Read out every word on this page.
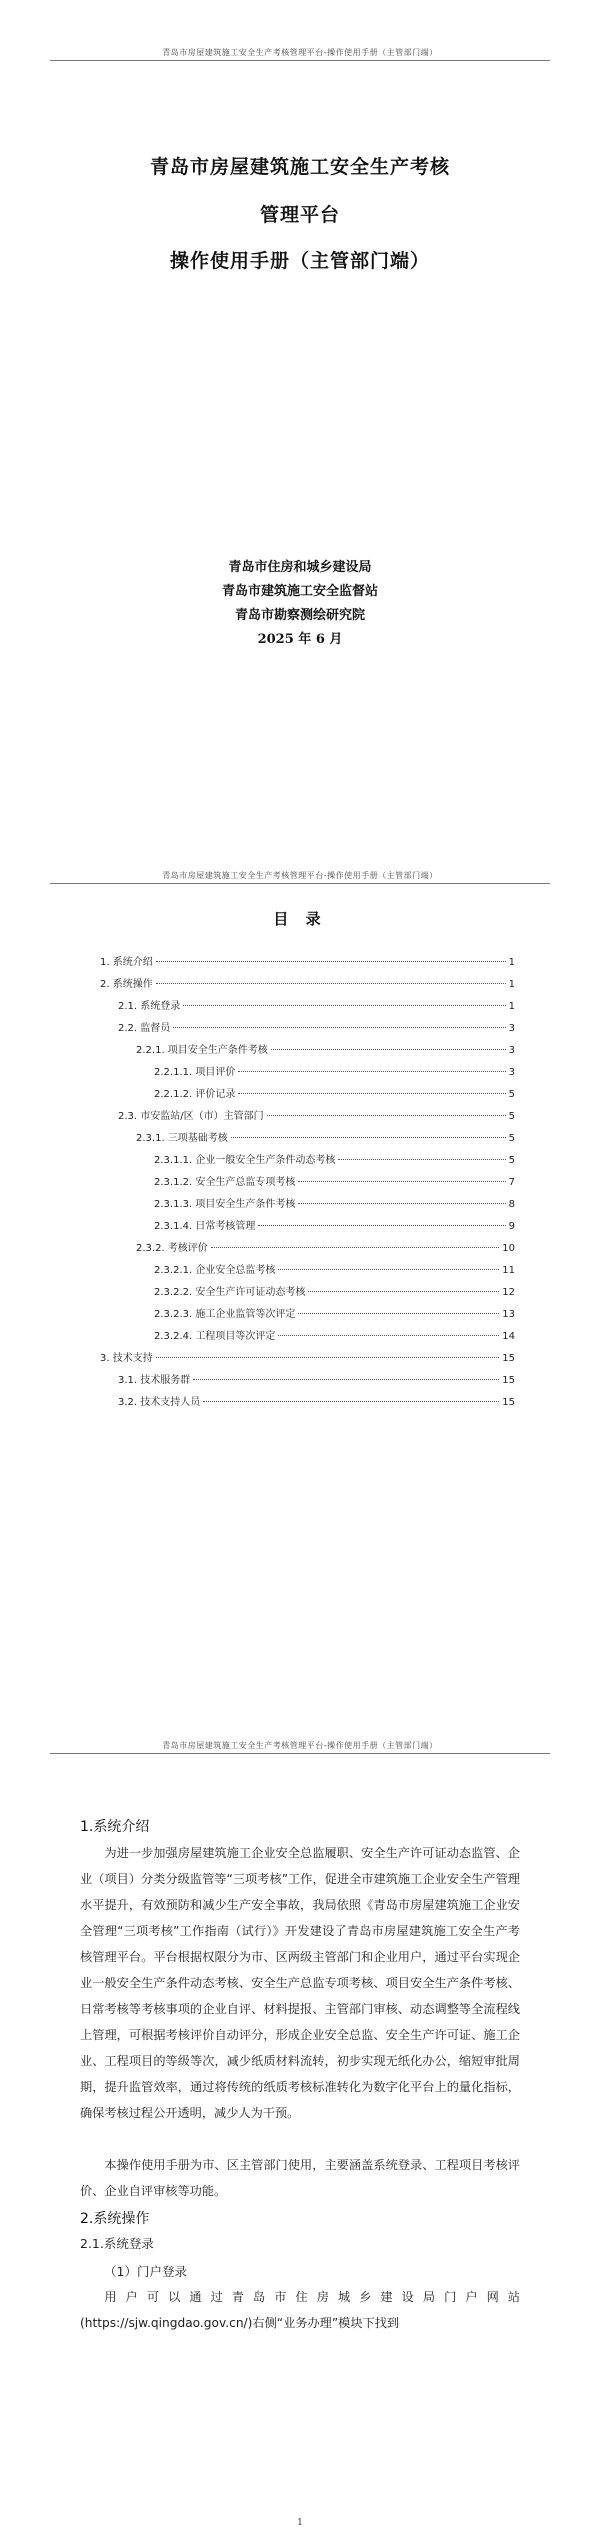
青岛市房屋建筑施工安全生产考核管理平台-操作使用手册（主管部门端）
青岛市房屋建筑施工安全生产考核
管理平台
操作使用手册（主管部门端）
青岛市住房和城乡建设局
青岛市建筑施工安全监督站
青岛市勘察测绘研究院
2025 年 6 月
青岛市房屋建筑施工安全生产考核管理平台-操作使用手册（主管部门端）
目 录
1. 系统介绍	1
2. 系统操作	1
2.1. 系统登录	1
2.2. 监督员	3
2.2.1. 项目安全生产条件考核	3
2.2.1.1. 项目评价	3
2.2.1.2. 评价记录	5
2.3. 市安监站/区（市）主管部门	5
2.3.1. 三项基础考核	5
2.3.1.1. 企业一般安全生产条件动态考核	5
2.3.1.2. 安全生产总监专项考核	7
2.3.1.3. 项目安全生产条件考核	8
2.3.1.4. 日常考核管理	9
2.3.2. 考核评价	10
2.3.2.1. 企业安全总监考核	11
2.3.2.2. 安全生产许可证动态考核	12
2.3.2.3. 施工企业监管等次评定	13
2.3.2.4. 工程项目等次评定	14
3. 技术支持	15
3.1. 技术服务群	15
3.2. 技术支持人员	15
青岛市房屋建筑施工安全生产考核管理平台-操作使用手册（主管部门端）
1.系统介绍
为进一步加强房屋建筑施工企业安全总监履职、安全生产许可证动态监管、企业（项目）分类分级监管等“三项考核”工作，促进全市建筑施工企业安全生产管理水平提升，有效预防和减少生产安全事故，我局依照《青岛市房屋建筑施工企业安全管理“三项考核”工作指南（试行）》开发建设了青岛市房屋建筑施工安全生产考核管理平台。平台根据权限分为市、区两级主管部门和企业用户，通过平台实现企业一般安全生产条件动态考核、安全生产总监专项考核、项目安全生产条件考核、日常考核等考核事项的企业自评、材料提报、主管部门审核、动态调整等全流程线上管理，可根据考核评价自动评分，形成企业安全总监、安全生产许可证、施工企业、工程项目的等级等次，减少纸质材料流转，初步实现无纸化办公，缩短审批周期，提升监管效率，通过将传统的纸质考核标准转化为数字化平台上的量化指标，确保考核过程公开透明，减少人为干预。
本操作使用手册为市、区主管部门使用，主要涵盖系统登录、工程项目考核评价、企业自评审核等功能。
2.系统操作
2.1.系统登录
（1）门户登录
用户可以通过青岛市住房城乡建设局门户网站(https://sjw.qingdao.gov.cn/)右侧“业务办理”模块下找到
1
